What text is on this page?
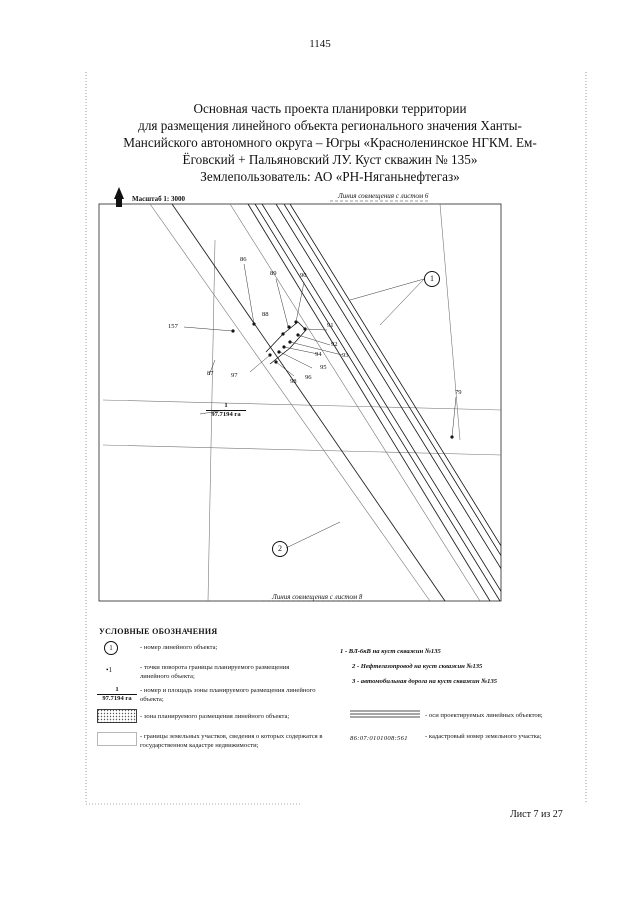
1145
Основная часть проекта планировки территории
для размещения линейного объекта регионального значения Ханты-
Мансийского автономного округа – Югры «Красноленинское НГКМ. Ем-
Ёговский + Пальяновский ЛУ. Куст скважин № 135»
Землепользователь: АО «РН-Няганьнефтегаз»
Масштаб 1: 3000	Линия совмещения с листом 6
Линия совмещения с листом 8
86
89	90
88
157	91
92
93
94
95
96
97
98
87
79
1
97.7194 га
1
2
УСЛОВНЫЕ ОБОЗНАЧЕНИЯ
1	- номер линейного объекта;
•1	- точки поворота границы планируемого размещения линейного объекта;
1
97.7194 га
- номер и площадь зоны планируемого размещения линейного объекта;
- зона планируемого размещения линейного объекта;
- границы земельных участков, сведения о которых содержатся в государственном кадастре недвижимости;
- оси проектируемых линейных объектов;
86:07:0101008:561	- кадастровый номер земельного участка;
1 - ВЛ-6кВ на куст скважин №135
2 - Нефтегазопровод на куст скважин №135
3 - автомобильная дорога на куст скважин №135
Лист 7 из 27
